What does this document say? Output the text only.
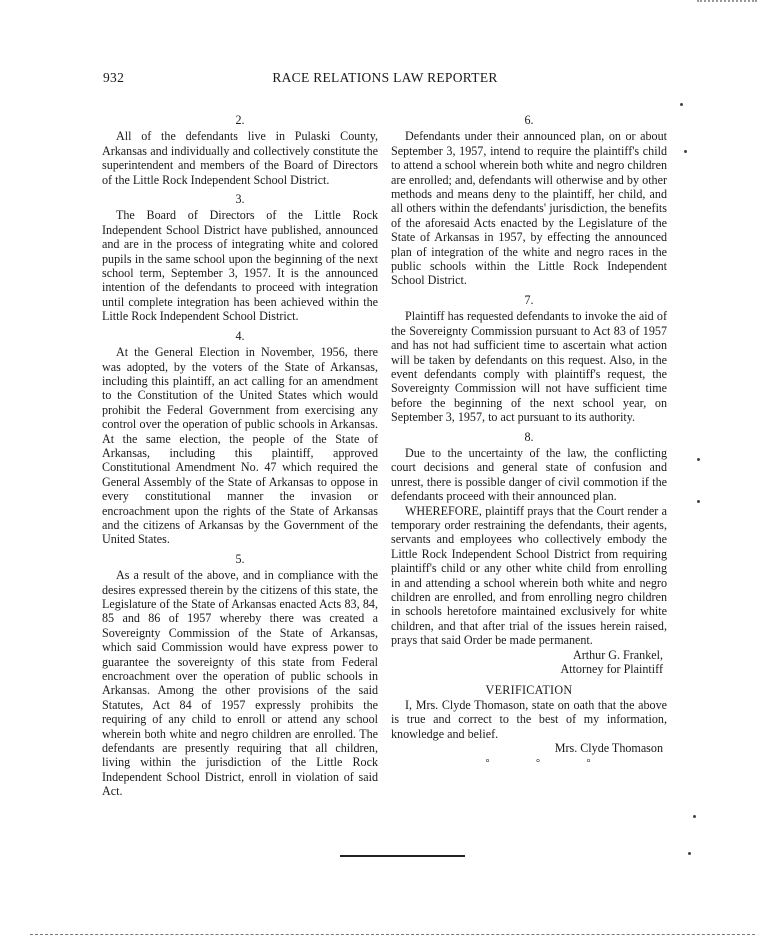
932	RACE RELATIONS LAW REPORTER
2.

All of the defendants live in Pulaski County, Arkansas and individually and collectively constitute the superintendent and members of the Board of Directors of the Little Rock Independent School District.

3.

The Board of Directors of the Little Rock Independent School District have published, announced and are in the process of integrating white and colored pupils in the same school upon the beginning of the next school term, September 3, 1957. It is the announced intention of the defendants to proceed with integration until complete integration has been achieved within the Little Rock Independent School District.

4.

At the General Election in November, 1956, there was adopted, by the voters of the State of Arkansas, including this plaintiff, an act calling for an amendment to the Constitution of the United States which would prohibit the Federal Government from exercising any control over the operation of public schools in Arkansas. At the same election, the people of the State of Arkansas, including this plaintiff, approved Constitutional Amendment No. 47 which required the General Assembly of the State of Arkansas to oppose in every constitutional manner the invasion or encroachment upon the rights of the State of Arkansas and the citizens of Arkansas by the Government of the United States.

5.

As a result of the above, and in compliance with the desires expressed therein by the citizens of this state, the Legislature of the State of Arkansas enacted Acts 83, 84, 85 and 86 of 1957 whereby there was created a Sovereignty Commission of the State of Arkansas, which said Commission would have express power to guarantee the sovereignty of this state from Federal encroachment over the operation of public schools in Arkansas. Among the other provisions of the said Statutes, Act 84 of 1957 expressly prohibits the requiring of any child to enroll or attend any school wherein both white and negro children are enrolled. The defendants are presently requiring that all children, living within the jurisdiction of the Little Rock Independent School District, enroll in violation of said Act.

6.

Defendants under their announced plan, on or about September 3, 1957, intend to require the plaintiff's child to attend a school wherein both white and negro children are enrolled; and, defendants will otherwise and by other methods and means deny to the plaintiff, her child, and all others within the defendants' jurisdiction, the benefits of the aforesaid Acts enacted by the Legislature of the State of Arkansas in 1957, by effecting the announced plan of integration of the white and negro races in the public schools within the Little Rock Independent School District.

7.

Plaintiff has requested defendants to invoke the aid of the Sovereignty Commission pursuant to Act 83 of 1957 and has not had sufficient time to ascertain what action will be taken by defendants on this request. Also, in the event defendants comply with plaintiff's request, the Sovereignty Commission will not have sufficient time before the beginning of the next school year, on September 3, 1957, to act pursuant to its authority.

8.

Due to the uncertainty of the law, the conflicting court decisions and general state of confusion and unrest, there is possible danger of civil commotion if the defendants proceed with their announced plan.

WHEREFORE, plaintiff prays that the Court render a temporary order restraining the defendants, their agents, servants and employees who collectively embody the Little Rock Independent School District from requiring plaintiff's child or any other white child from enrolling in and attending a school wherein both white and negro children are enrolled, and from enrolling negro children in schools heretofore maintained exclusively for white children, and that after trial of the issues herein raised, prays that said Order be made permanent.

Arthur G. Frankel,

Attorney for Plaintiff

VERIFICATION

I, Mrs. Clyde Thomason, state on oath that the above is true and correct to the best of my information, knowledge and belief.

Mrs. Clyde Thomason

° ° °
